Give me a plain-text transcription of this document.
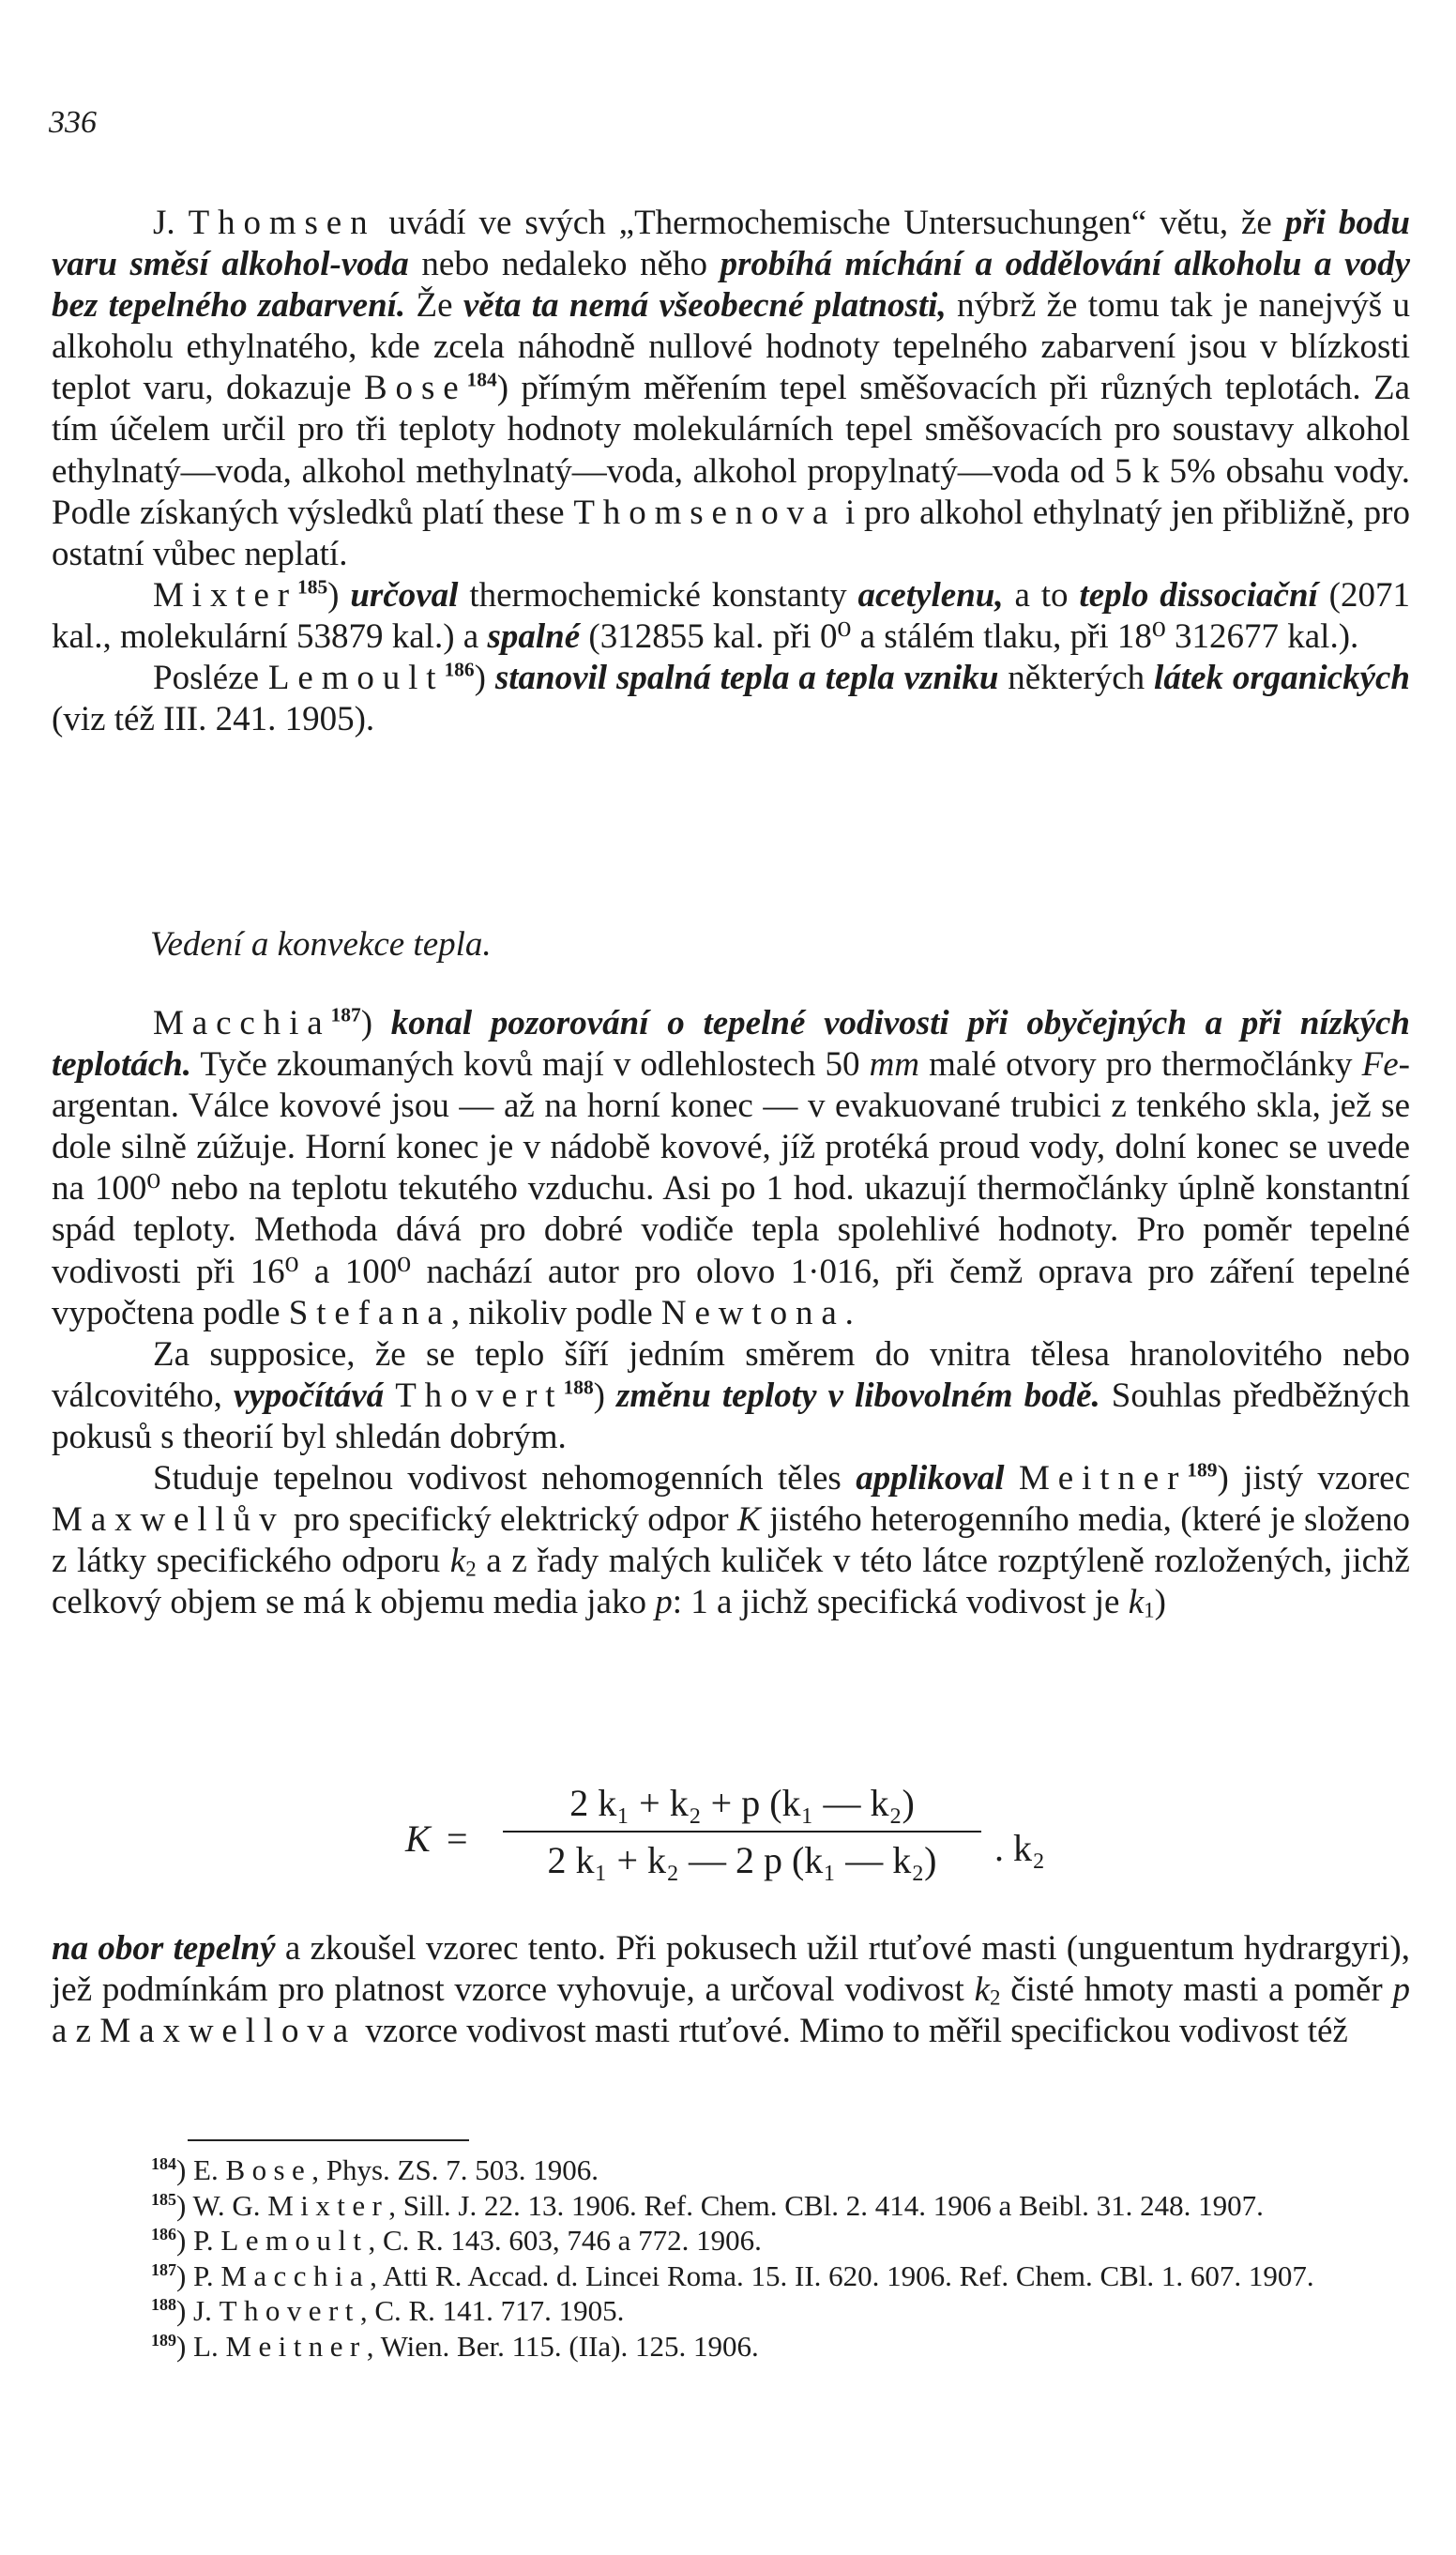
336

J. Thomsen uvádí ve svých „Thermochemische Untersuchungen“ větu, že při bodu varu směsí alkohol-voda nebo nedaleko něho probíhá míchání a oddělování alkoholu a vody bez tepelného zabarvení. Že věta ta nemá všeobecné platnosti, nýbrž že tomu tak je nanejvýš u alkoholu ethylnatého, kde zcela náhodně nullové hodnoty tepelného zabarvení jsou v blízkosti teplot varu, dokazuje Bose$^{184}$) přímým měřením tepel směšovacích při různých teplotách. Za tím účelem určil pro tři teploty hodnoty molekulárních tepel směšovacích pro soustavy alkohol ethylnatý—voda, alkohol methylnatý—voda, alkohol propylnatý—voda od 5 k 5% obsahu vody. Podle získaných výsledků platí these Thomsenova i pro alkohol ethylnatý jen přibližně, pro ostatní vůbec neplatí.

Mixter$^{185}$) určoval thermochemické konstanty acetylenu, a to teplo dissociační (2071 kal., molekulární 53879 kal.) a spalné (312855 kal. při 0⁰ a stálém tlaku, při 18⁰ 312677 kal.).

Posléze Lemoult$^{186}$) stanovil spalná tepla a tepla vzniku některých látek organických (viz též III. 241. 1905).

Vedení a konvekce tepla.

Macchia$^{187}$) konal pozorování o tepelné vodivosti při obyčejných a při nízkých teplotách. Tyče zkoumaných kovů mají v odlehlostech 50 mm malé otvory pro thermočlánky Fe-argentan. Válce kovové jsou — až na horní konec — v evakuované trubici z tenkého skla, jež se dole silně zúžuje. Horní konec je v nádobě kovové, jíž protéká proud vody, dolní konec se uvede na 100⁰ nebo na teplotu tekutého vzduchu. Asi po 1 hod. ukazují thermočlánky úplně konstantní spád teploty. Methoda dává pro dobré vodiče tepla spolehlivé hodnoty. Pro poměr tepelné vodivosti při 16⁰ a 100⁰ nachází autor pro olovo 1·016, při čemž oprava pro záření tepelné vypočtena podle Stefana, nikoliv podle Newtona.

Za supposice, že se teplo šíří jedním směrem do vnitra tělesa hranolovitého nebo válcovitého, vypočítává Thovert$^{188}$) změnu teploty v libovolném bodě. Souhlas předběžných pokusů s theorií byl shledán dobrým.

Studuje tepelnou vodivost nehomogenních těles applikoval Meitner$^{189}$) jistý vzorec Maxwellův pro specifický elektrický odpor K jistého heterogenního media, (které je složeno z látky specifického odporu $k_2$ a z řady malých kuliček v této látce rozptýleně rozložených, jichž celkový objem se má k objemu media jako p: 1 a jichž specifická vodivost je $k_1$)

K =
2 k₁ + k₂ + p (k₁ — k₂)
2 k₁ + k₂ — 2 p (k₁ — k₂)	. k₂

na obor tepelný a zkoušel vzorec tento. Při pokusech užil rtuťové masti (unguentum hydrargyri), jež podmínkám pro platnost vzorce vyhovuje, a určoval vodivost $k_2$ čisté hmoty masti a poměr p a z Maxwellova vzorce vodivost masti rtuťové. Mimo to měřil specifickou vodivost též

$^{184}$) E. Bose, Phys. ZS. 7. 503. 1906.

$^{185}$) W. G. Mixter, Sill. J. 22. 13. 1906. Ref. Chem. CBl. 2. 414. 1906 a Beibl. 31. 248. 1907.

$^{186}$) P. Lemoult, C. R. 143. 603, 746 a 772. 1906.

$^{187}$) P. Macchia, Atti R. Accad. d. Lincei Roma. 15. II. 620. 1906. Ref. Chem. CBl. 1. 607. 1907.

$^{188}$) J. Thovert, C. R. 141. 717. 1905.

$^{189}$) L. Meitner, Wien. Ber. 115. (IIa). 125. 1906.
